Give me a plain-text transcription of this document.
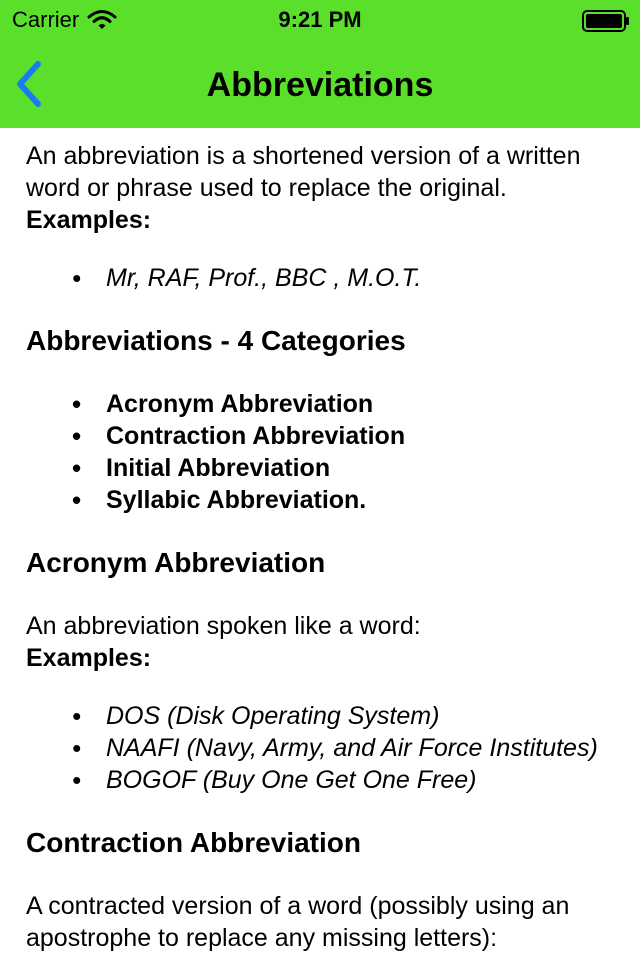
Carrier	9:21 PM
Abbreviations

An abbreviation is a shortened version of a written word or phrase used to replace the original.

Examples:

• Mr, RAF, Prof., BBC , M.O.T.
Abbreviations - 4 Categories
• Acronym Abbreviation
• Contraction Abbreviation
• Initial Abbreviation
• Syllabic Abbreviation.
Acronym Abbreviation

An abbreviation spoken like a word:

Examples:

• DOS (Disk Operating System)
• NAAFI (Navy, Army, and Air Force Institutes)
• BOGOF (Buy One Get One Free)
Contraction Abbreviation

A contracted version of a word (possibly using an apostrophe to replace any missing letters):
